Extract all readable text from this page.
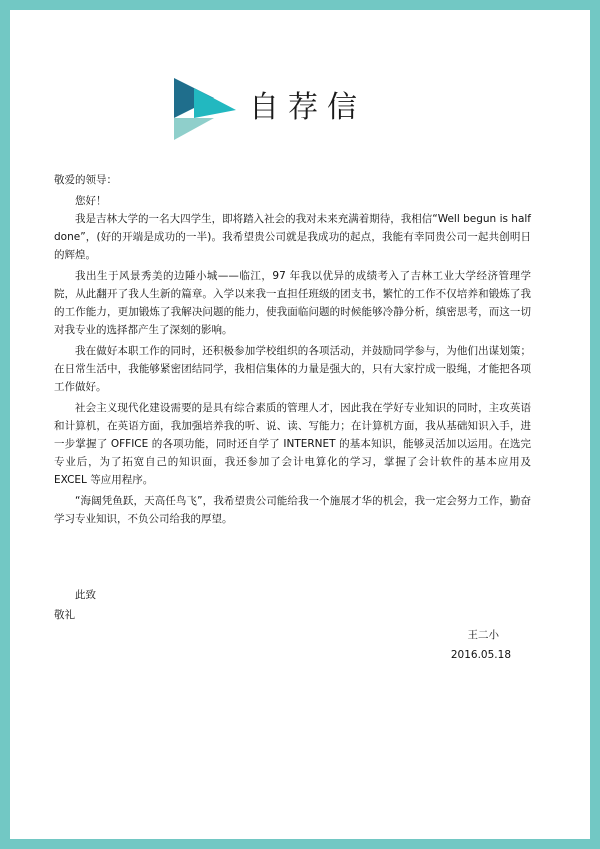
自荐信

敬爱的领导：

您好！

我是吉林大学的一名大四学生，即将踏入社会的我对未来充满着期待，我相信“Well begun is half done”，(好的开端是成功的一半)。我希望贵公司就是我成功的起点，我能有幸同贵公司一起共创明日的辉煌。

我出生于风景秀美的边陲小城——临江，97 年我以优异的成绩考入了吉林工业大学经济管理学院，从此翻开了我人生新的篇章。入学以来我一直担任班级的团支书，繁忙的工作不仅培养和锻炼了我的工作能力，更加锻炼了我解决问题的能力，使我面临问题的时候能够冷静分析，缜密思考，而这一切对我专业的选择都产生了深刻的影响。

我在做好本职工作的同时，还积极参加学校组织的各项活动，并鼓励同学参与，为他们出谋划策；在日常生活中，我能够紧密团结同学，我相信集体的力量是强大的，只有大家拧成一股绳，才能把各项工作做好。

社会主义现代化建设需要的是具有综合素质的管理人才，因此我在学好专业知识的同时，主攻英语和计算机，在英语方面，我加强培养我的听、说、读、写能力；在计算机方面，我从基础知识入手，进一步掌握了 OFFICE 的各项功能，同时还自学了 INTERNET 的基本知识，能够灵活加以运用。在选完专业后，为了拓宽自己的知识面，我还参加了会计电算化的学习，掌握了会计软件的基本应用及 EXCEL 等应用程序。

“海阔凭鱼跃，天高任鸟飞”，我希望贵公司能给我一个施展才华的机会，我一定会努力工作，勤奋学习专业知识，不负公司给我的厚望。

此致
敬礼
王二小
2016.05.18
